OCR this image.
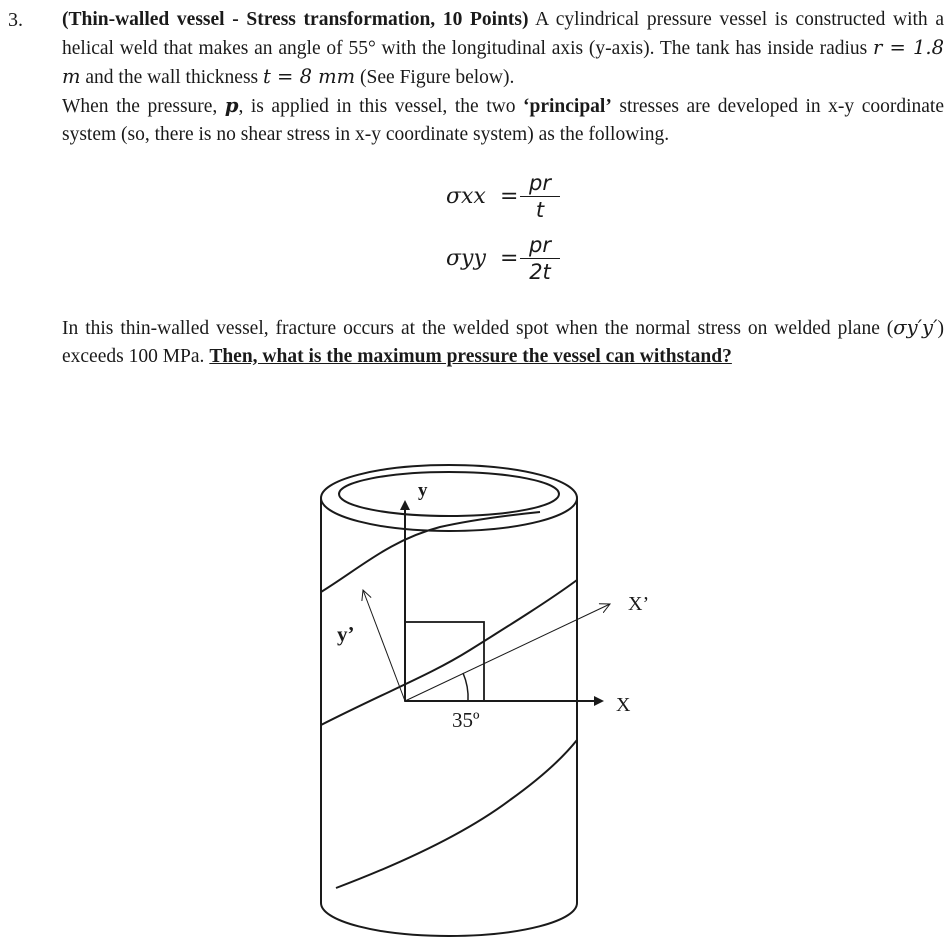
3. (Thin-walled vessel - Stress transformation, 10 Points) A cylindrical pressure vessel is constructed with a helical weld that makes an angle of 55° with the longitudinal axis (y-axis). The tank has inside radius r = 1.8 m and the wall thickness t = 8 mm (See Figure below).
When the pressure, p, is applied in this vessel, the two ‘principal’ stresses are developed in x-y coordinate system (so, there is no shear stress in x-y coordinate system) as the following.
$\sigma xx = \frac{pr}{t}$
$\sigma yy = \frac{pr}{2t}$
In this thin-walled vessel, fracture occurs at the welded spot when the normal stress on welded plane (σy′y′) exceeds 100 MPa. Then, what is the maximum pressure the vessel can withstand?
y
y’
X
X’
35º
